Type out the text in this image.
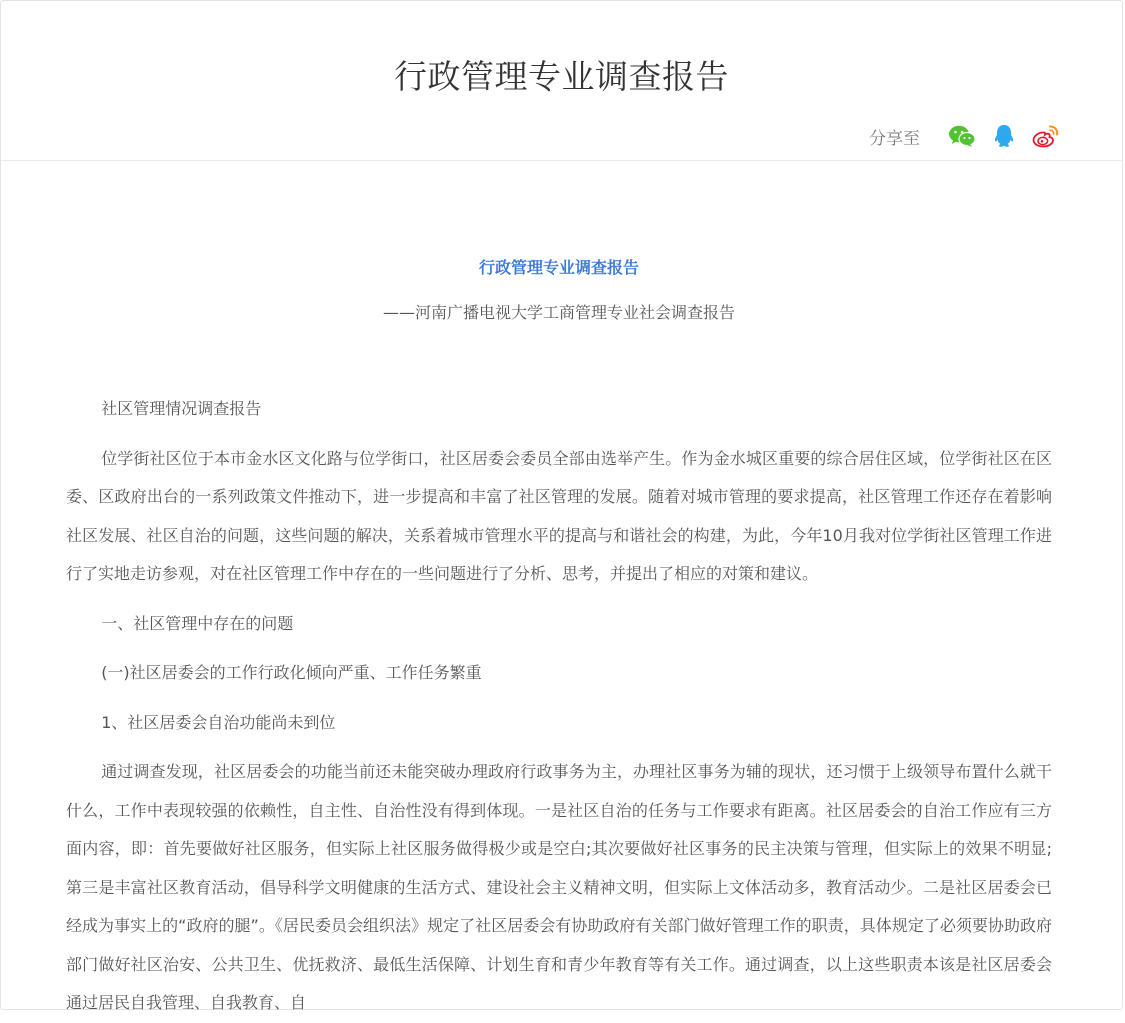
行政管理专业调查报告
分享至
行政管理专业调查报告
——河南广播电视大学工商管理专业社会调查报告

社区管理情况调查报告

位学街社区位于本市金水区文化路与位学街口，社区居委会委员全部由选举产生。作为金水城区重要的综合居住区域，位学街社区在区委、区政府出台的一系列政策文件推动下，进一步提高和丰富了社区管理的发展。随着对城市管理的要求提高，社区管理工作还存在着影响社区发展、社区自治的问题，这些问题的解决，关系着城市管理水平的提高与和谐社会的构建，为此，今年10月我对位学街社区管理工作进行了实地走访参观，对在社区管理工作中存在的一些问题进行了分析、思考，并提出了相应的对策和建议。

一、社区管理中存在的问题

(一)社区居委会的工作行政化倾向严重、工作任务繁重

1、社区居委会自治功能尚未到位

通过调查发现，社区居委会的功能当前还未能突破办理政府行政事务为主，办理社区事务为辅的现状，还习惯于上级领导布置什么就干什么，工作中表现较强的依赖性，自主性、自治性没有得到体现。一是社区自治的任务与工作要求有距离。社区居委会的自治工作应有三方面内容，即：首先要做好社区服务，但实际上社区服务做得极少或是空白;其次要做好社区事务的民主决策与管理，但实际上的效果不明显;第三是丰富社区教育活动，倡导科学文明健康的生活方式、建设社会主义精神文明，但实际上文体活动多，教育活动少。二是社区居委会已经成为事实上的“政府的腿”。《居民委员会组织法》规定了社区居委会有协助政府有关部门做好管理工作的职责，具体规定了必须要协助政府部门做好社区治安、公共卫生、优抚救济、最低生活保障、计划生育和青少年教育等有关工作。通过调查，以上这些职责本该是社区居委会通过居民自我管理、自我教育、自
